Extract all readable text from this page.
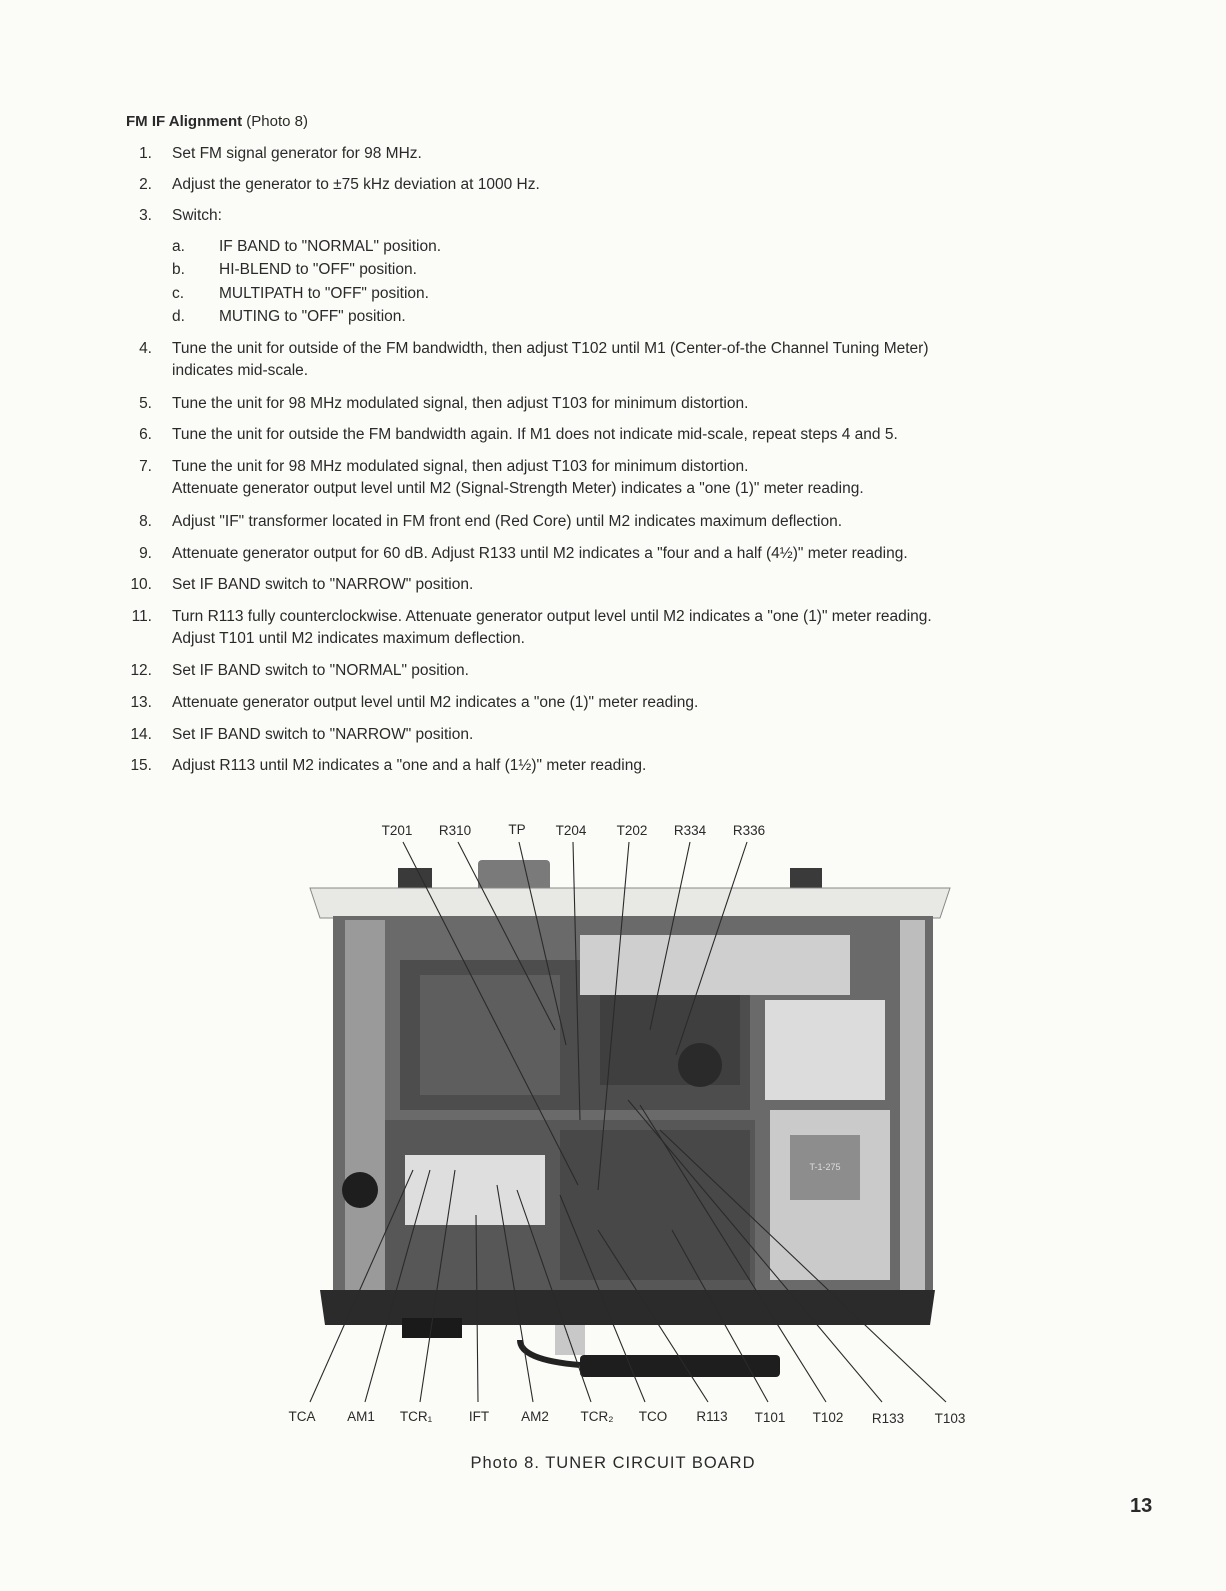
FM IF Alignment (Photo 8)
1. Set FM signal generator for 98 MHz.
2. Adjust the generator to ±75 kHz deviation at 1000 Hz.
3. Switch:
4. Tune the unit for outside of the FM bandwidth, then adjust T102 until M1 (Center-of-the Channel Tuning Meter)
indicates mid-scale.
5. Tune the unit for 98 MHz modulated signal, then adjust T103 for minimum distortion.
6. Tune the unit for outside the FM bandwidth again. If M1 does not indicate mid-scale, repeat steps 4 and 5.
7. Tune the unit for 98 MHz modulated signal, then adjust T103 for minimum distortion.
Attenuate generator output level until M2 (Signal-Strength Meter) indicates a "one (1)" meter reading.
8. Adjust "IF" transformer located in FM front end (Red Core) until M2 indicates maximum deflection.
9. Attenuate generator output for 60 dB. Adjust R133 until M2 indicates a "four and a half (4½)" meter reading.
10. Set IF BAND switch to "NARROW" position.
11. Turn R113 fully counterclockwise. Attenuate generator output level until M2 indicates a "one (1)" meter reading.
Adjust T101 until M2 indicates maximum deflection.
12. Set IF BAND switch to "NORMAL" position.
13. Attenuate generator output level until M2 indicates a "one (1)" meter reading.
14. Set IF BAND switch to "NARROW" position.
15. Adjust R113 until M2 indicates a "one and a half (1½)" meter reading.
a. IF BAND to "NORMAL" position.
b. HI-BLEND to "OFF" position.
c. MULTIPATH to "OFF" position.
d. MUTING to "OFF" position.
T-1-275
T201 R310	TP T204 T202 R334 R336
TCA AM1 TCR₁	IFT AM2 TCR₂ TCO R113 T101 T102 R133 T103
Photo 8. TUNER CIRCUIT BOARD
13
